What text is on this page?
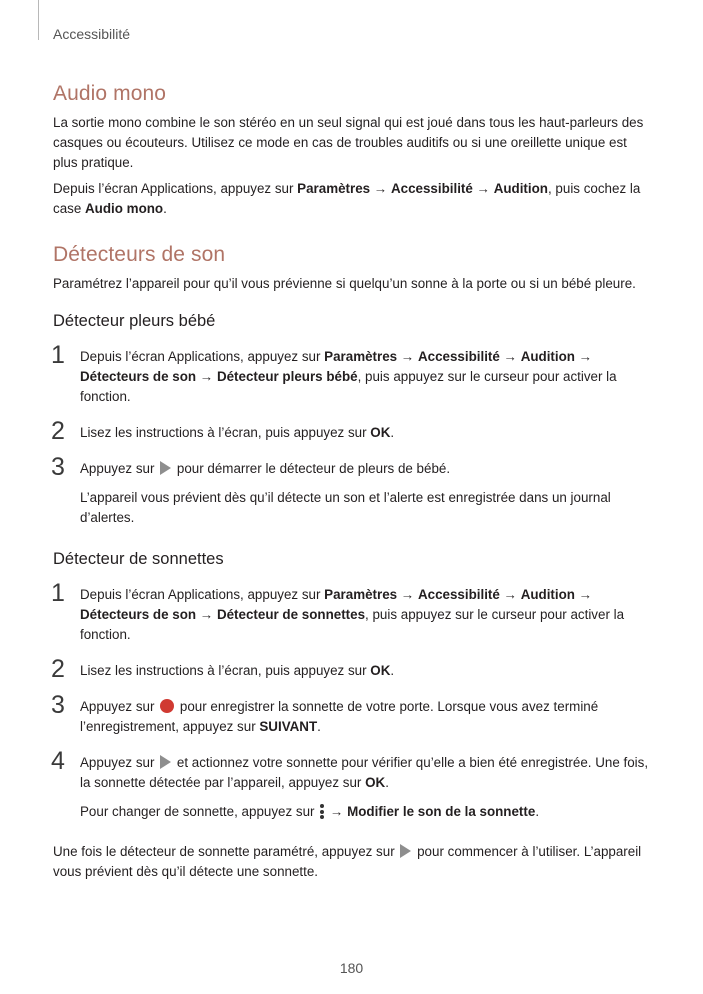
Accessibilité
Audio mono

La sortie mono combine le son stéréo en un seul signal qui est joué dans tous les haut-parleurs des casques ou écouteurs. Utilisez ce mode en cas de troubles auditifs ou si une oreillette unique est plus pratique.

Depuis l’écran Applications, appuyez sur Paramètres → Accessibilité → Audition, puis cochez la case Audio mono.

Détecteurs de son

Paramétrez l’appareil pour qu’il vous prévienne si quelqu’un sonne à la porte ou si un bébé pleure.

Détecteur pleurs bébé
1 Depuis l’écran Applications, appuyez sur Paramètres → Accessibilité → Audition → Détecteurs de son → Détecteur pleurs bébé, puis appuyez sur le curseur pour activer la fonction.

2 Lisez les instructions à l’écran, puis appuyez sur OK.

3 Appuyez sur  pour démarrer le détecteur de pleurs de bébé.

L’appareil vous prévient dès qu’il détecte un son et l’alerte est enregistrée dans un journal d’alertes.

Détecteur de sonnettes
1 Depuis l’écran Applications, appuyez sur Paramètres → Accessibilité → Audition → Détecteurs de son → Détecteur de sonnettes, puis appuyez sur le curseur pour activer la fonction.

2 Lisez les instructions à l’écran, puis appuyez sur OK.

3 Appuyez sur  pour enregistrer la sonnette de votre porte. Lorsque vous avez terminé l’enregistrement, appuyez sur SUIVANT.

4 Appuyez sur  et actionnez votre sonnette pour vérifier qu’elle a bien été enregistrée. Une fois, la sonnette détectée par l’appareil, appuyez sur OK.

Pour changer de sonnette, appuyez sur
→ Modifier le son de la sonnette.

Une fois le détecteur de sonnette paramétré, appuyez sur  pour commencer à l’utiliser. L’appareil vous prévient dès qu’il détecte une sonnette.

180
